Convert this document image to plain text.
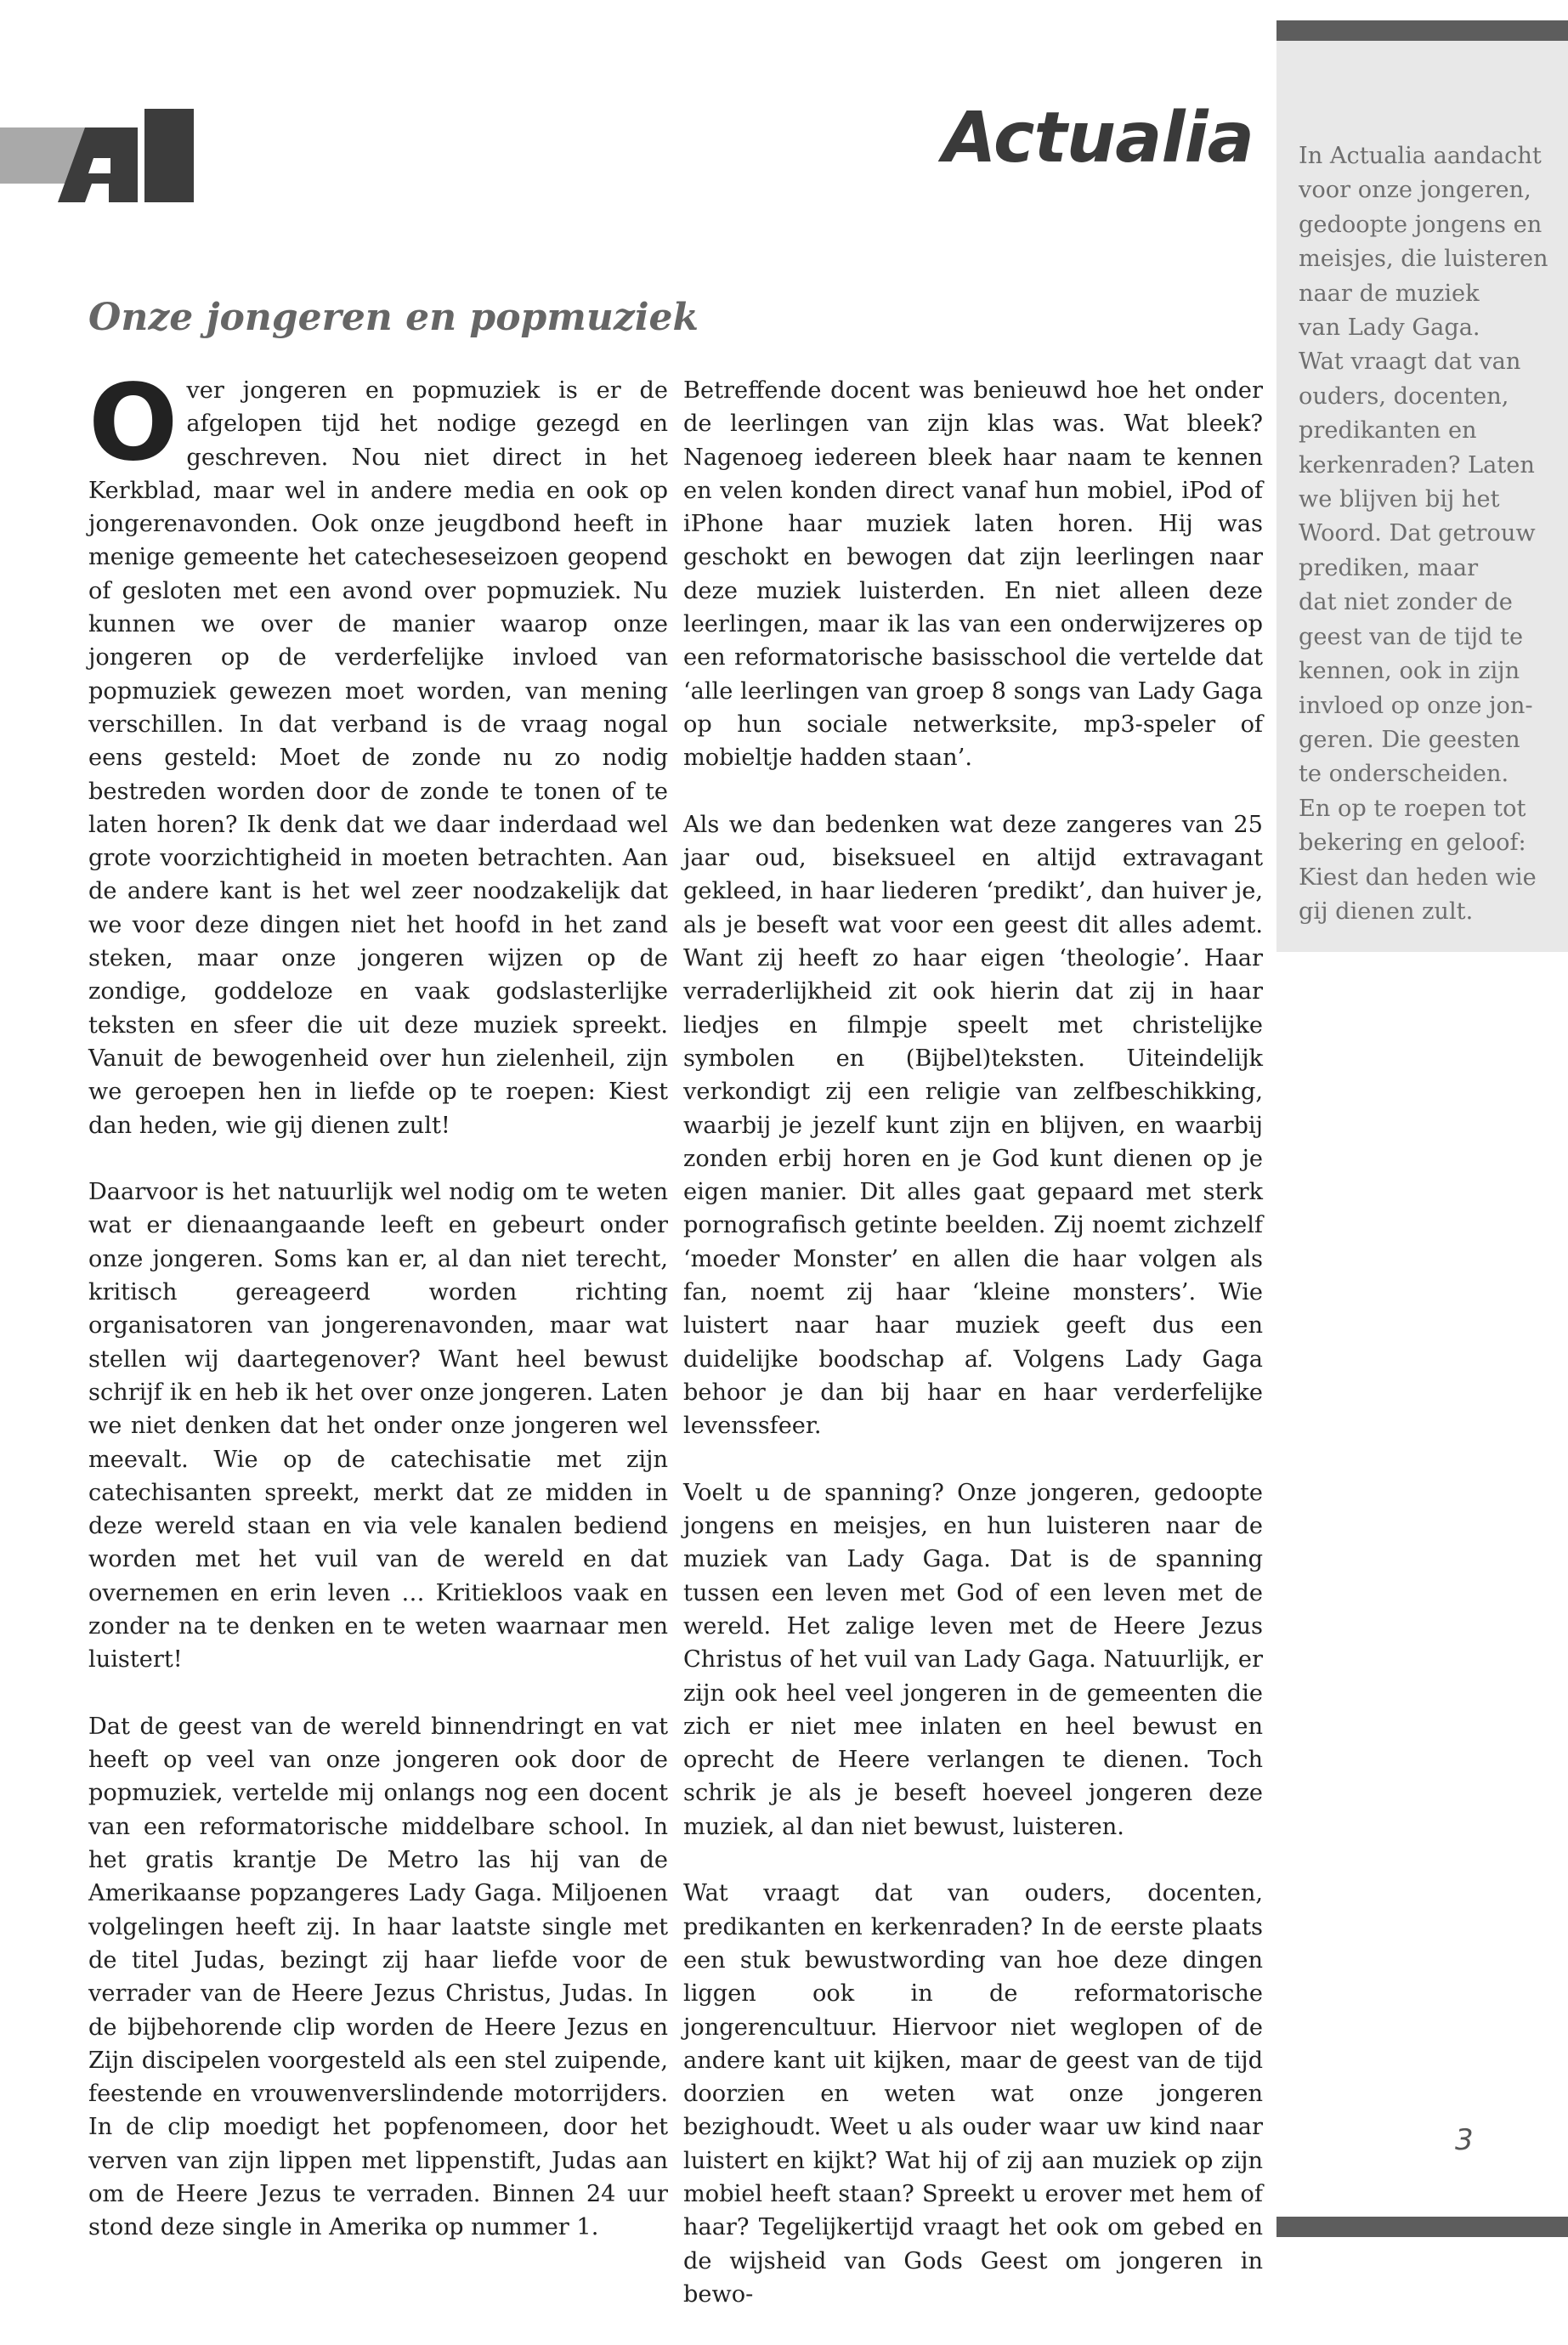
Actualia
Onze jongeren en popmuziek

Over jongeren en popmuziek is er de afgelopen tijd het nodige gezegd en geschreven. Nou niet direct in het Kerkblad, maar wel in andere media en ook op jongerenavonden. Ook onze jeugdbond heeft in menige gemeente het catecheseseizoen geopend of gesloten met een avond over popmuziek. Nu kunnen we over de manier waarop onze jongeren op de verderfelijke invloed van popmuziek gewezen moet worden, van mening verschillen. In dat verband is de vraag nogal eens gesteld: Moet de zonde nu zo nodig bestreden worden door de zonde te tonen of te laten horen? Ik denk dat we daar inderdaad wel grote voorzichtigheid in moeten betrachten. Aan de andere kant is het wel zeer noodzakelijk dat we voor deze dingen niet het hoofd in het zand steken, maar onze jongeren wijzen op de zondige, goddeloze en vaak godslasterlijke teksten en sfeer die uit deze muziek spreekt. Vanuit de bewogenheid over hun zielenheil, zijn we geroepen hen in liefde op te roepen: Kiest dan heden, wie gij dienen zult!

Daarvoor is het natuurlijk wel nodig om te weten wat er dienaangaande leeft en gebeurt onder onze jongeren. Soms kan er, al dan niet terecht, kritisch gereageerd worden richting organisatoren van jongerenavonden, maar wat stellen wij daartegenover? Want heel bewust schrijf ik en heb ik het over onze jongeren. Laten we niet denken dat het onder onze jongeren wel meevalt. Wie op de catechisatie met zijn catechisanten spreekt, merkt dat ze midden in deze wereld staan en via vele kanalen bediend worden met het vuil van de wereld en dat overnemen en erin leven … Kritiekloos vaak en zonder na te denken en te weten waarnaar men luistert!

Dat de geest van de wereld binnendringt en vat heeft op veel van onze jongeren ook door de popmuziek, vertelde mij onlangs nog een docent van een reformatorische middelbare school. In het gratis krantje De Metro las hij van de Amerikaanse popzangeres Lady Gaga. Miljoenen volgelingen heeft zij. In haar laatste single met de titel Judas, bezingt zij haar liefde voor de verrader van de Heere Jezus Christus, Judas. In de bijbehorende clip worden de Heere Jezus en Zijn discipelen voorgesteld als een stel zuipende, feestende en vrouwenverslindende motorrijders. In de clip moedigt het popfenomeen, door het verven van zijn lippen met lippenstift, Judas aan om de Heere Jezus te verraden. Binnen 24 uur stond deze single in Amerika op nummer 1.

Betreffende docent was benieuwd hoe het onder de leerlingen van zijn klas was. Wat bleek? Nagenoeg iedereen bleek haar naam te kennen en velen konden direct vanaf hun mobiel, iPod of iPhone haar muziek laten horen. Hij was geschokt en bewogen dat zijn leerlingen naar deze muziek luisterden. En niet alleen deze leerlingen, maar ik las van een onderwijzeres op een reformatorische basisschool die vertelde dat ‘alle leerlingen van groep 8 songs van Lady Gaga op hun sociale netwerksite, mp3-speler of mobieltje hadden staan’.

Als we dan bedenken wat deze zangeres van 25 jaar oud, biseksueel en altijd extravagant gekleed, in haar liederen ‘predikt’, dan huiver je, als je beseft wat voor een geest dit alles ademt. Want zij heeft zo haar eigen ‘theologie’. Haar verraderlijkheid zit ook hierin dat zij in haar liedjes en filmpje speelt met christelijke symbolen en (Bijbel)teksten. Uiteindelijk verkondigt zij een religie van zelfbeschikking, waarbij je jezelf kunt zijn en blijven, en waarbij zonden erbij horen en je God kunt dienen op je eigen manier. Dit alles gaat gepaard met sterk pornografisch getinte beelden. Zij noemt zichzelf ‘moeder Monster’ en allen die haar volgen als fan, noemt zij haar ‘kleine monsters’. Wie luistert naar haar muziek geeft dus een duidelijke boodschap af. Volgens Lady Gaga behoor je dan bij haar en haar verderfelijke levenssfeer.

Voelt u de spanning? Onze jongeren, gedoopte jongens en meisjes, en hun luisteren naar de muziek van Lady Gaga. Dat is de spanning tussen een leven met God of een leven met de wereld. Het zalige leven met de Heere Jezus Christus of het vuil van Lady Gaga. Natuurlijk, er zijn ook heel veel jongeren in de gemeenten die zich er niet mee inlaten en heel bewust en oprecht de Heere verlangen te dienen. Toch schrik je als je beseft hoeveel jongeren deze muziek, al dan niet bewust, luisteren.

Wat vraagt dat van ouders, docenten, predikanten en kerkenraden? In de eerste plaats een stuk bewustwording van hoe deze dingen liggen ook in de reformatorische jongerencultuur. Hiervoor niet weglopen of de andere kant uit kijken, maar de geest van de tijd doorzien en weten wat onze jongeren bezighoudt. Weet u als ouder waar uw kind naar luistert en kijkt? Wat hij of zij aan muziek op zijn mobiel heeft staan? Spreekt u erover met hem of haar? Tegelijkertijd vraagt het ook om gebed en de wijsheid van Gods Geest om jongeren in bewo-

In Actualia aandacht
voor onze jongeren,
gedoopte jongens en
meisjes, die luisteren
naar de muziek
van Lady Gaga.
Wat vraagt dat van
ouders, docenten,
predikanten en
kerkenraden? Laten
we blijven bij het
Woord. Dat getrouw
prediken, maar
dat niet zonder de
geest van de tijd te
kennen, ook in zijn
invloed op onze jon-
geren. Die geesten
te onderscheiden.
En op te roepen tot
bekering en geloof:
Kiest dan heden wie
gij dienen zult.
3
